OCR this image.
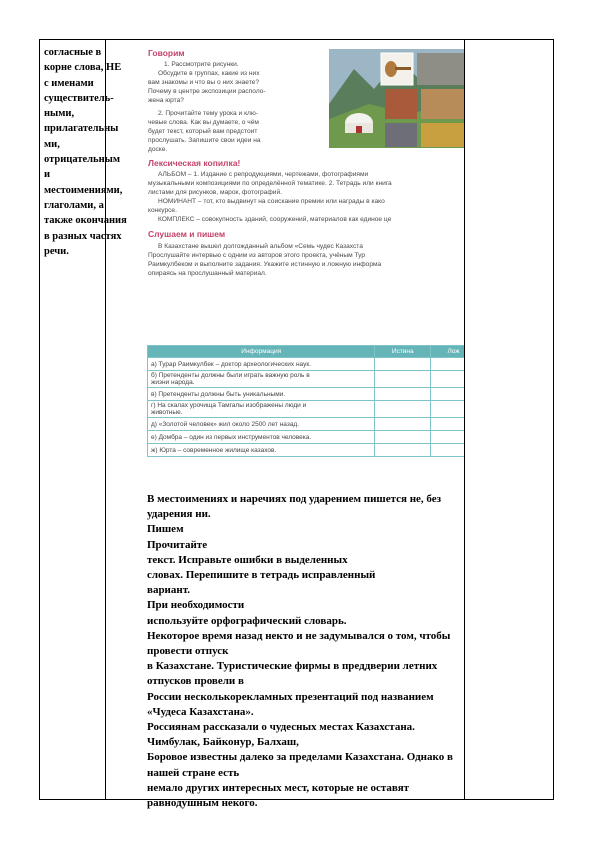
согласные в
корне слова, НЕ
с именами
существитель-
ными,
прилагательны
ми,
отрицательным
и
местоимениями,
глаголами, а
также окончания
в разных частях
речи.
Говорим
1. Рассмотрите рисунки.
Обсудите в группах, какие из них
вам знакомы и что вы о них знаете?
Почему в центре экспозиции располо-
жена юрта?
2. Прочитайте тему урока и клю-
чевые слова. Как вы думаете, о чём
будет текст, который вам предстоит
прослушать. Запишите свои идеи на
доске.
Лексическая копилка!
АЛЬБОМ – 1. Издание с репродукциями, чертежами, фотографиями
музыкальными композициями по определённой тематике. 2. Тетрадь или книга
листами для рисунков, марок, фотографий.
НОМИНАНТ – тот, кто выдвинут на соискание премии или награды в како
конкурсе.
КОМПЛЕКС – совокупность зданий, сооружений, материалов как единое це
Слушаем и пишем
В Казахстане вышел долгожданный альбом «Семь чудес Казахста
Прослушайте интервью с одним из авторов этого проекта, учёным Тур
Раимкулбеком и выполните задания. Укажите истинную и ложную информа
опираясь на прослушанный материал.
Информация	Истина	Лож
а) Турар Раимкулбек – доктор археологических наук.		
б) Претенденты должны были играть важную роль в
жизни народа.		
в) Претенденты должны быть уникальными.		
г) На скалах урочища Тамгалы изображены люди и
животные.		
д) «Золотой человек» жил около 2500 лет назад.		
е) Домбра – один из первых инструментов человека.		
ж) Юрта – современное жилище казахов.		
В местоимениях и наречиях под ударением пишется не, без
ударения ни.
Пишем
Прочитайте
текст. Исправьте ошибки в выделенных
словах. Перепишите в тетрадь исправленный
вариант.
При необходимости
используйте орфографический словарь.
Некоторое время назад некто и не задумывался о том, чтобы
провести отпуск
в Казахстане. Туристические фирмы в преддверии летних
отпусков провели в
России несколькорекламных презентаций под названием
«Чудеса Казахстана».
Россиянам рассказали о чудесных местах Казахстана.
Чимбулак, Байконур, Балхаш,
Боровое известны далеко за пределами Казахстана. Однако в
нашей стране есть
немало других интересных мест, которые не оставят
равнодушным некого.
